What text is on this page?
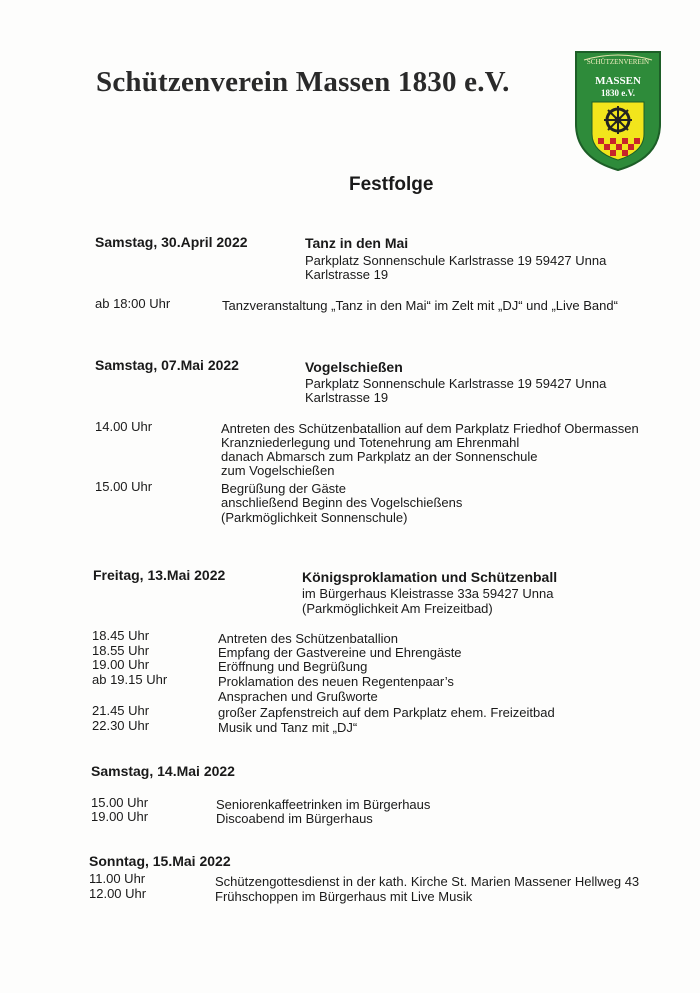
Schützenverein Massen 1830 e.V.
SCHÜTZENVEREIN
MASSEN
1830 e.V.
Festfolge
Samstag, 30.April 2022	Tanz in den Mai
Parkplatz Sonnenschule Karlstrasse 19 59427 Unna
Karlstrasse 19
ab 18:00 Uhr	Tanzveranstaltung „Tanz in den Mai“ im Zelt mit „DJ“ und „Live Band“
Samstag, 07.Mai 2022	Vogelschießen
Parkplatz Sonnenschule Karlstrasse 19 59427 Unna
Karlstrasse 19
14.00 Uhr	Antreten des Schützenbatallion auf dem Parkplatz Friedhof Obermassen
Kranzniederlegung und Totenehrung am Ehrenmahl
danach Abmarsch zum Parkplatz an der Sonnenschule
zum Vogelschießen
15.00 Uhr	Begrüßung der Gäste
anschließend Beginn des Vogelschießens
(Parkmöglichkeit Sonnenschule)
Freitag, 13.Mai 2022	Königsproklamation und Schützenball
im Bürgerhaus Kleistrasse 33a 59427 Unna
(Parkmöglichkeit Am Freizeitbad)
18.45 Uhr	Antreten des Schützenbatallion
18.55 Uhr	Empfang der Gastvereine und Ehrengäste
19.00 Uhr	Eröffnung und Begrüßung
ab 19.15 Uhr	Proklamation des neuen Regentenpaar’s
Ansprachen und Grußworte
21.45 Uhr	großer Zapfenstreich auf dem Parkplatz ehem. Freizeitbad
22.30 Uhr	Musik und Tanz mit „DJ“
Samstag, 14.Mai 2022
15.00 Uhr	Seniorenkaffeetrinken im Bürgerhaus
19.00 Uhr	Discoabend im Bürgerhaus
Sonntag, 15.Mai 2022
11.00 Uhr	Schützengottesdienst in der kath. Kirche St. Marien Massener Hellweg 43
12.00 Uhr	Frühschoppen im Bürgerhaus mit Live Musik
